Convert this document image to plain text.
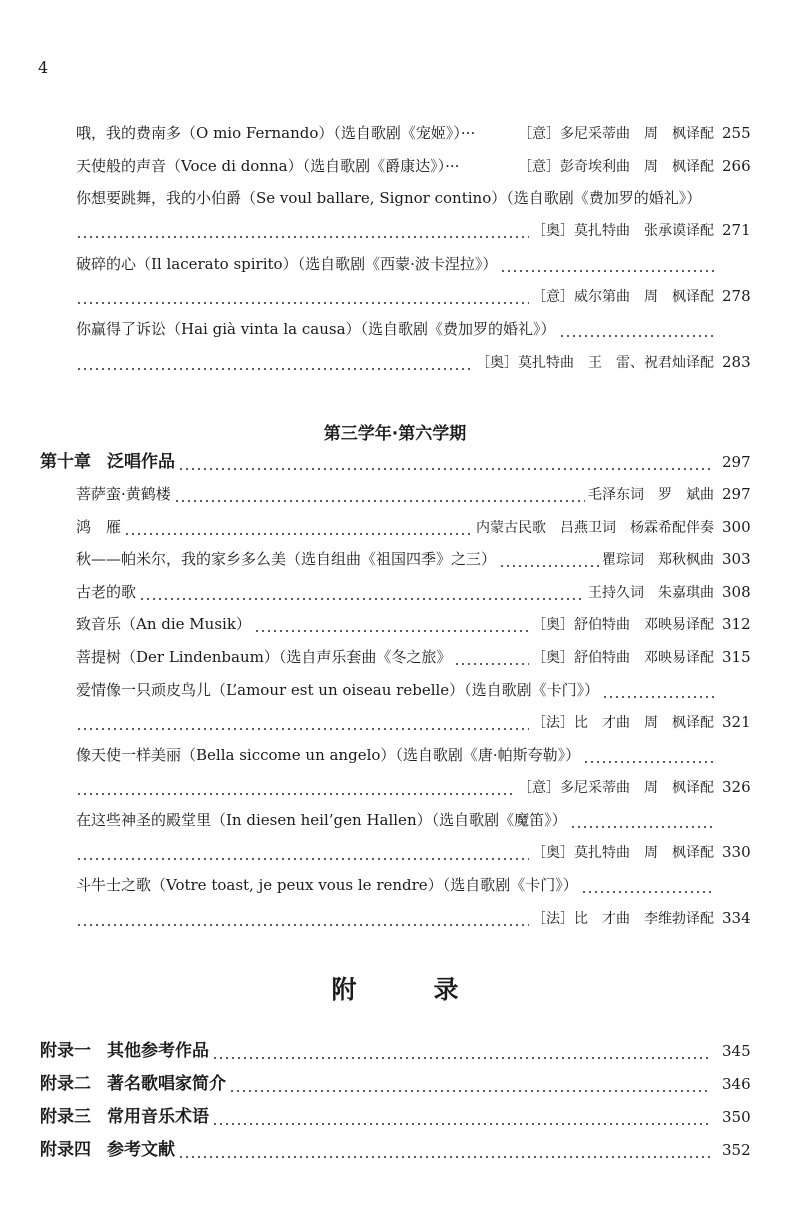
4
哦，我的费南多（O mio Fernando）（选自歌剧《宠姬》）···	［意］多尼采蒂曲　周　枫译配 255
天使般的声音（Voce di donna）（选自歌剧《爵康达》）···	［意］彭奇埃利曲　周　枫译配 266
你想要跳舞，我的小伯爵（Se voul ballare, Signor contino）（选自歌剧《费加罗的婚礼》）
［奥］莫扎特曲　张承谟译配 271
破碎的心（Il lacerato spirito）（选自歌剧《西蒙·波卡涅拉》）
［意］威尔第曲　周　枫译配 278
你赢得了诉讼（Hai già vinta la causa）（选自歌剧《费加罗的婚礼》）
［奥］莫扎特曲　王　雷、祝君灿译配 283
第三学年·第六学期
第十章 泛唱作品	297
菩萨蛮·黄鹤楼	毛泽东词　罗　斌曲 297
鸿　雁	内蒙古民歌　吕燕卫词　杨霖希配伴奏 300
秋——帕米尔，我的家乡多么美（选自组曲《祖国四季》之三）	瞿琮词　郑秋枫曲 303
古老的歌	王持久词　朱嘉琪曲 308
致音乐（An die Musik）	［奥］舒伯特曲　邓映易译配 312
菩提树（Der Lindenbaum）（选自声乐套曲《冬之旅》	［奥］舒伯特曲　邓映易译配 315
爱情像一只顽皮鸟儿（L’amour est un oiseau rebelle）（选自歌剧《卡门》）
［法］比　才曲　周　枫译配 321
像天使一样美丽（Bella siccome un angelo）（选自歌剧《唐·帕斯夸勒》）
［意］多尼采蒂曲　周　枫译配 326
在这些神圣的殿堂里（In diesen heil’gen Hallen）（选自歌剧《魔笛》）
［奥］莫扎特曲　周　枫译配 330
斗牛士之歌（Votre toast, je peux vous le rendre）（选自歌剧《卡门》）
［法］比　才曲　李维勃译配 334
附　录
附录一 其他参考作品	345
附录二 著名歌唱家简介	346
附录三 常用音乐术语	350
附录四 参考文献	352
